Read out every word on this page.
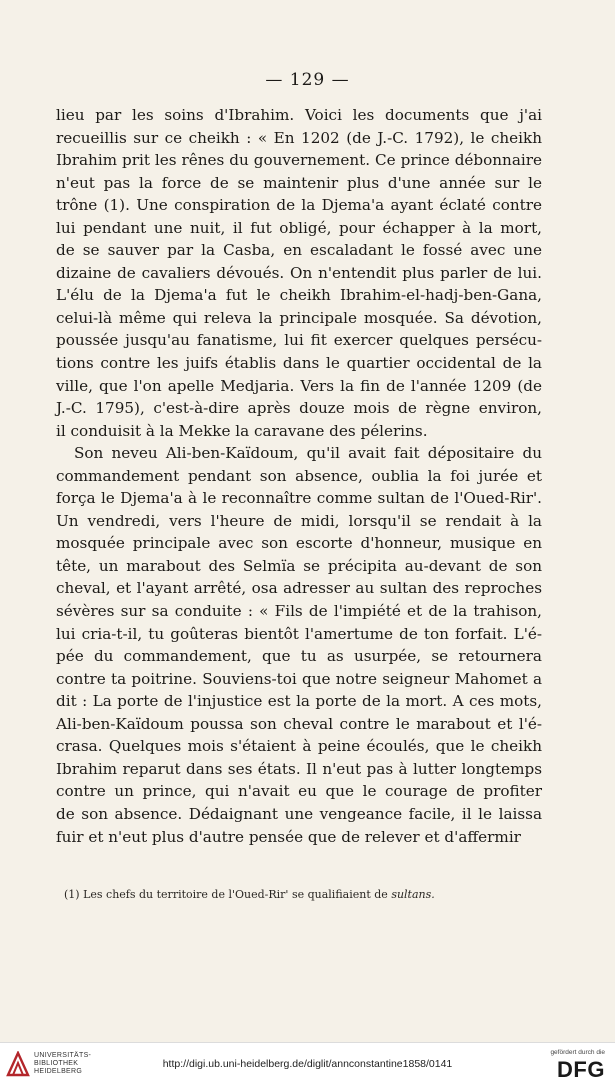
— 129 —
lieu par les soins d'Ibrahim. Voici les documents que j'ai
recueillis sur ce cheikh : « En 1202 (de J.-C. 1792), le cheikh
Ibrahim prit les rênes du gouvernement. Ce prince débonnaire
n'eut pas la force de se maintenir plus d'une année sur le
trône (1). Une conspiration de la Djema'a ayant éclaté contre
lui pendant une nuit, il fut obligé, pour échapper à la mort,
de se sauver par la Casba, en escaladant le fossé avec une
dizaine de cavaliers dévoués. On n'entendit plus parler de lui.
L'élu de la Djema'a fut le cheikh Ibrahim-el-hadj-ben-Gana,
celui-là même qui releva la principale mosquée. Sa dévotion,
poussée jusqu'au fanatisme, lui fit exercer quelques persécu-
tions contre les juifs établis dans le quartier occidental de la
ville, que l'on apelle Medjaria. Vers la fin de l'année 1209 (de
J.-C. 1795), c'est-à-dire après douze mois de règne environ,
il conduisit à la Mekke la caravane des pélerins.
Son neveu Ali-ben-Kaïdoum, qu'il avait fait dépositaire du
commandement pendant son absence, oublia la foi jurée et
força le Djema'a à le reconnaître comme sultan de l'Oued-Rir'.
Un vendredi, vers l'heure de midi, lorsqu'il se rendait à la
mosquée principale avec son escorte d'honneur, musique en
tête, un marabout des Selmïa se précipita au-devant de son
cheval, et l'ayant arrêté, osa adresser au sultan des reproches
sévères sur sa conduite : « Fils de l'impiété et de la trahison,
lui cria-t-il, tu goûteras bientôt l'amertume de ton forfait. L'é-
pée du commandement, que tu as usurpée, se retournera
contre ta poitrine. Souviens-toi que notre seigneur Mahomet a
dit : La porte de l'injustice est la porte de la mort. A ces mots,
Ali-ben-Kaïdoum poussa son cheval contre le marabout et l'é-
crasa. Quelques mois s'étaient à peine écoulés, que le cheikh
Ibrahim reparut dans ses états. Il n'eut pas à lutter longtemps
contre un prince, qui n'avait eu que le courage de profiter
de son absence. Dédaignant une vengeance facile, il le laissa
fuir et n'eut plus d'autre pensée que de relever et d'affermir
(1) Les chefs du territoire de l'Oued-Rir' se qualifiaient de sultans.
UNIVERSITÄTS-
BIBLIOTHEK
HEIDELBERG
http://digi.ub.uni-heidelberg.de/diglit/annconstantine1858/0141
gefördert durch die
DFG
